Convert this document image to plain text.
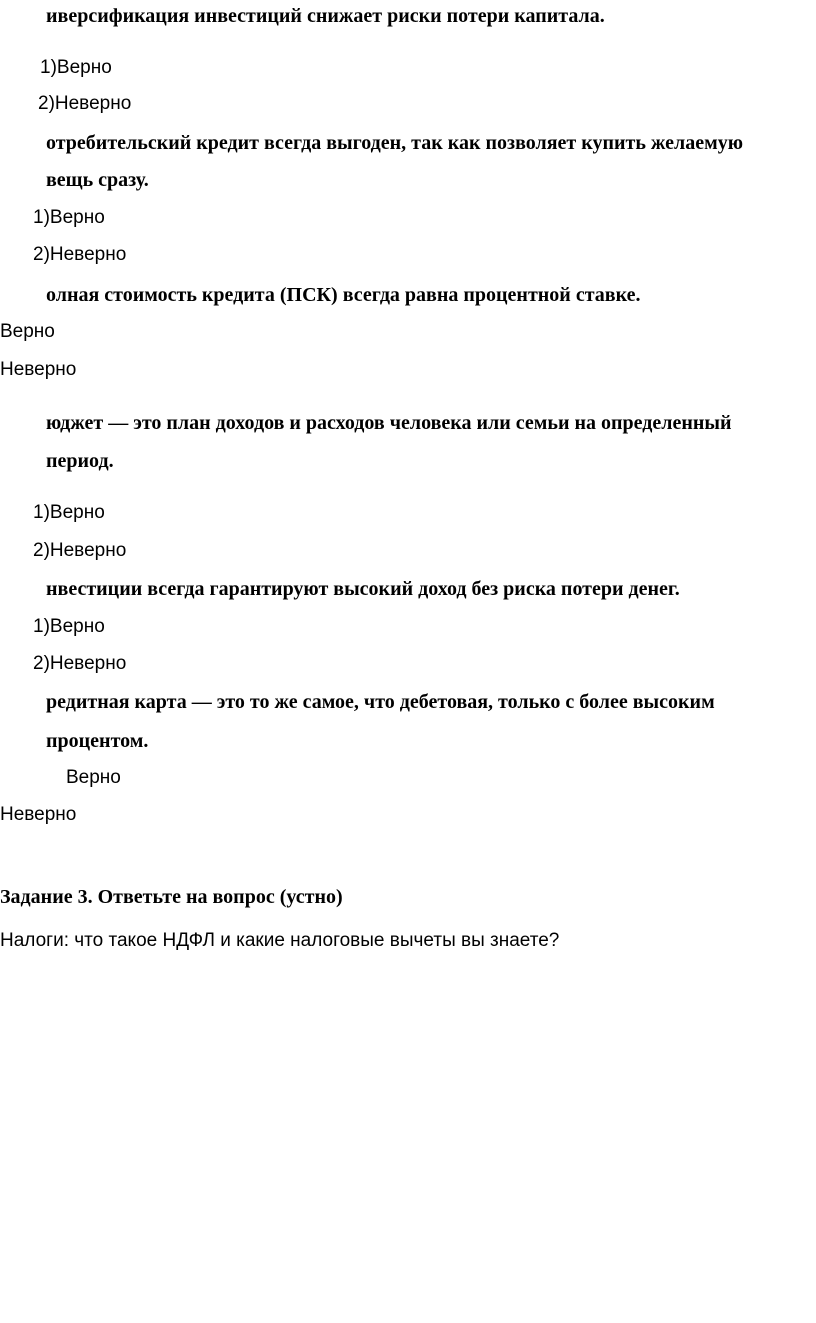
иверсификация инвестиций снижает риски потери капитала.
1)Верно
2)Неверно
отребительский кредит всегда выгоден, так как позволяет купить желаемую
вещь сразу.
1)Верно
2)Неверно
олная стоимость кредита (ПСК) всегда равна процентной ставке.
Верно
Неверно
юджет — это план доходов и расходов человека или семьи на определенный
период.
1)Верно
2)Неверно
нвестиции всегда гарантируют высокий доход без риска потери денег.
1)Верно
2)Неверно
редитная карта — это то же самое, что дебетовая, только с более высоким
процентом.
Верно
Неверно
Задание 3. Ответьте на вопрос (устно)
Налоги: что такое НДФЛ и какие налоговые вычеты вы знаете?
